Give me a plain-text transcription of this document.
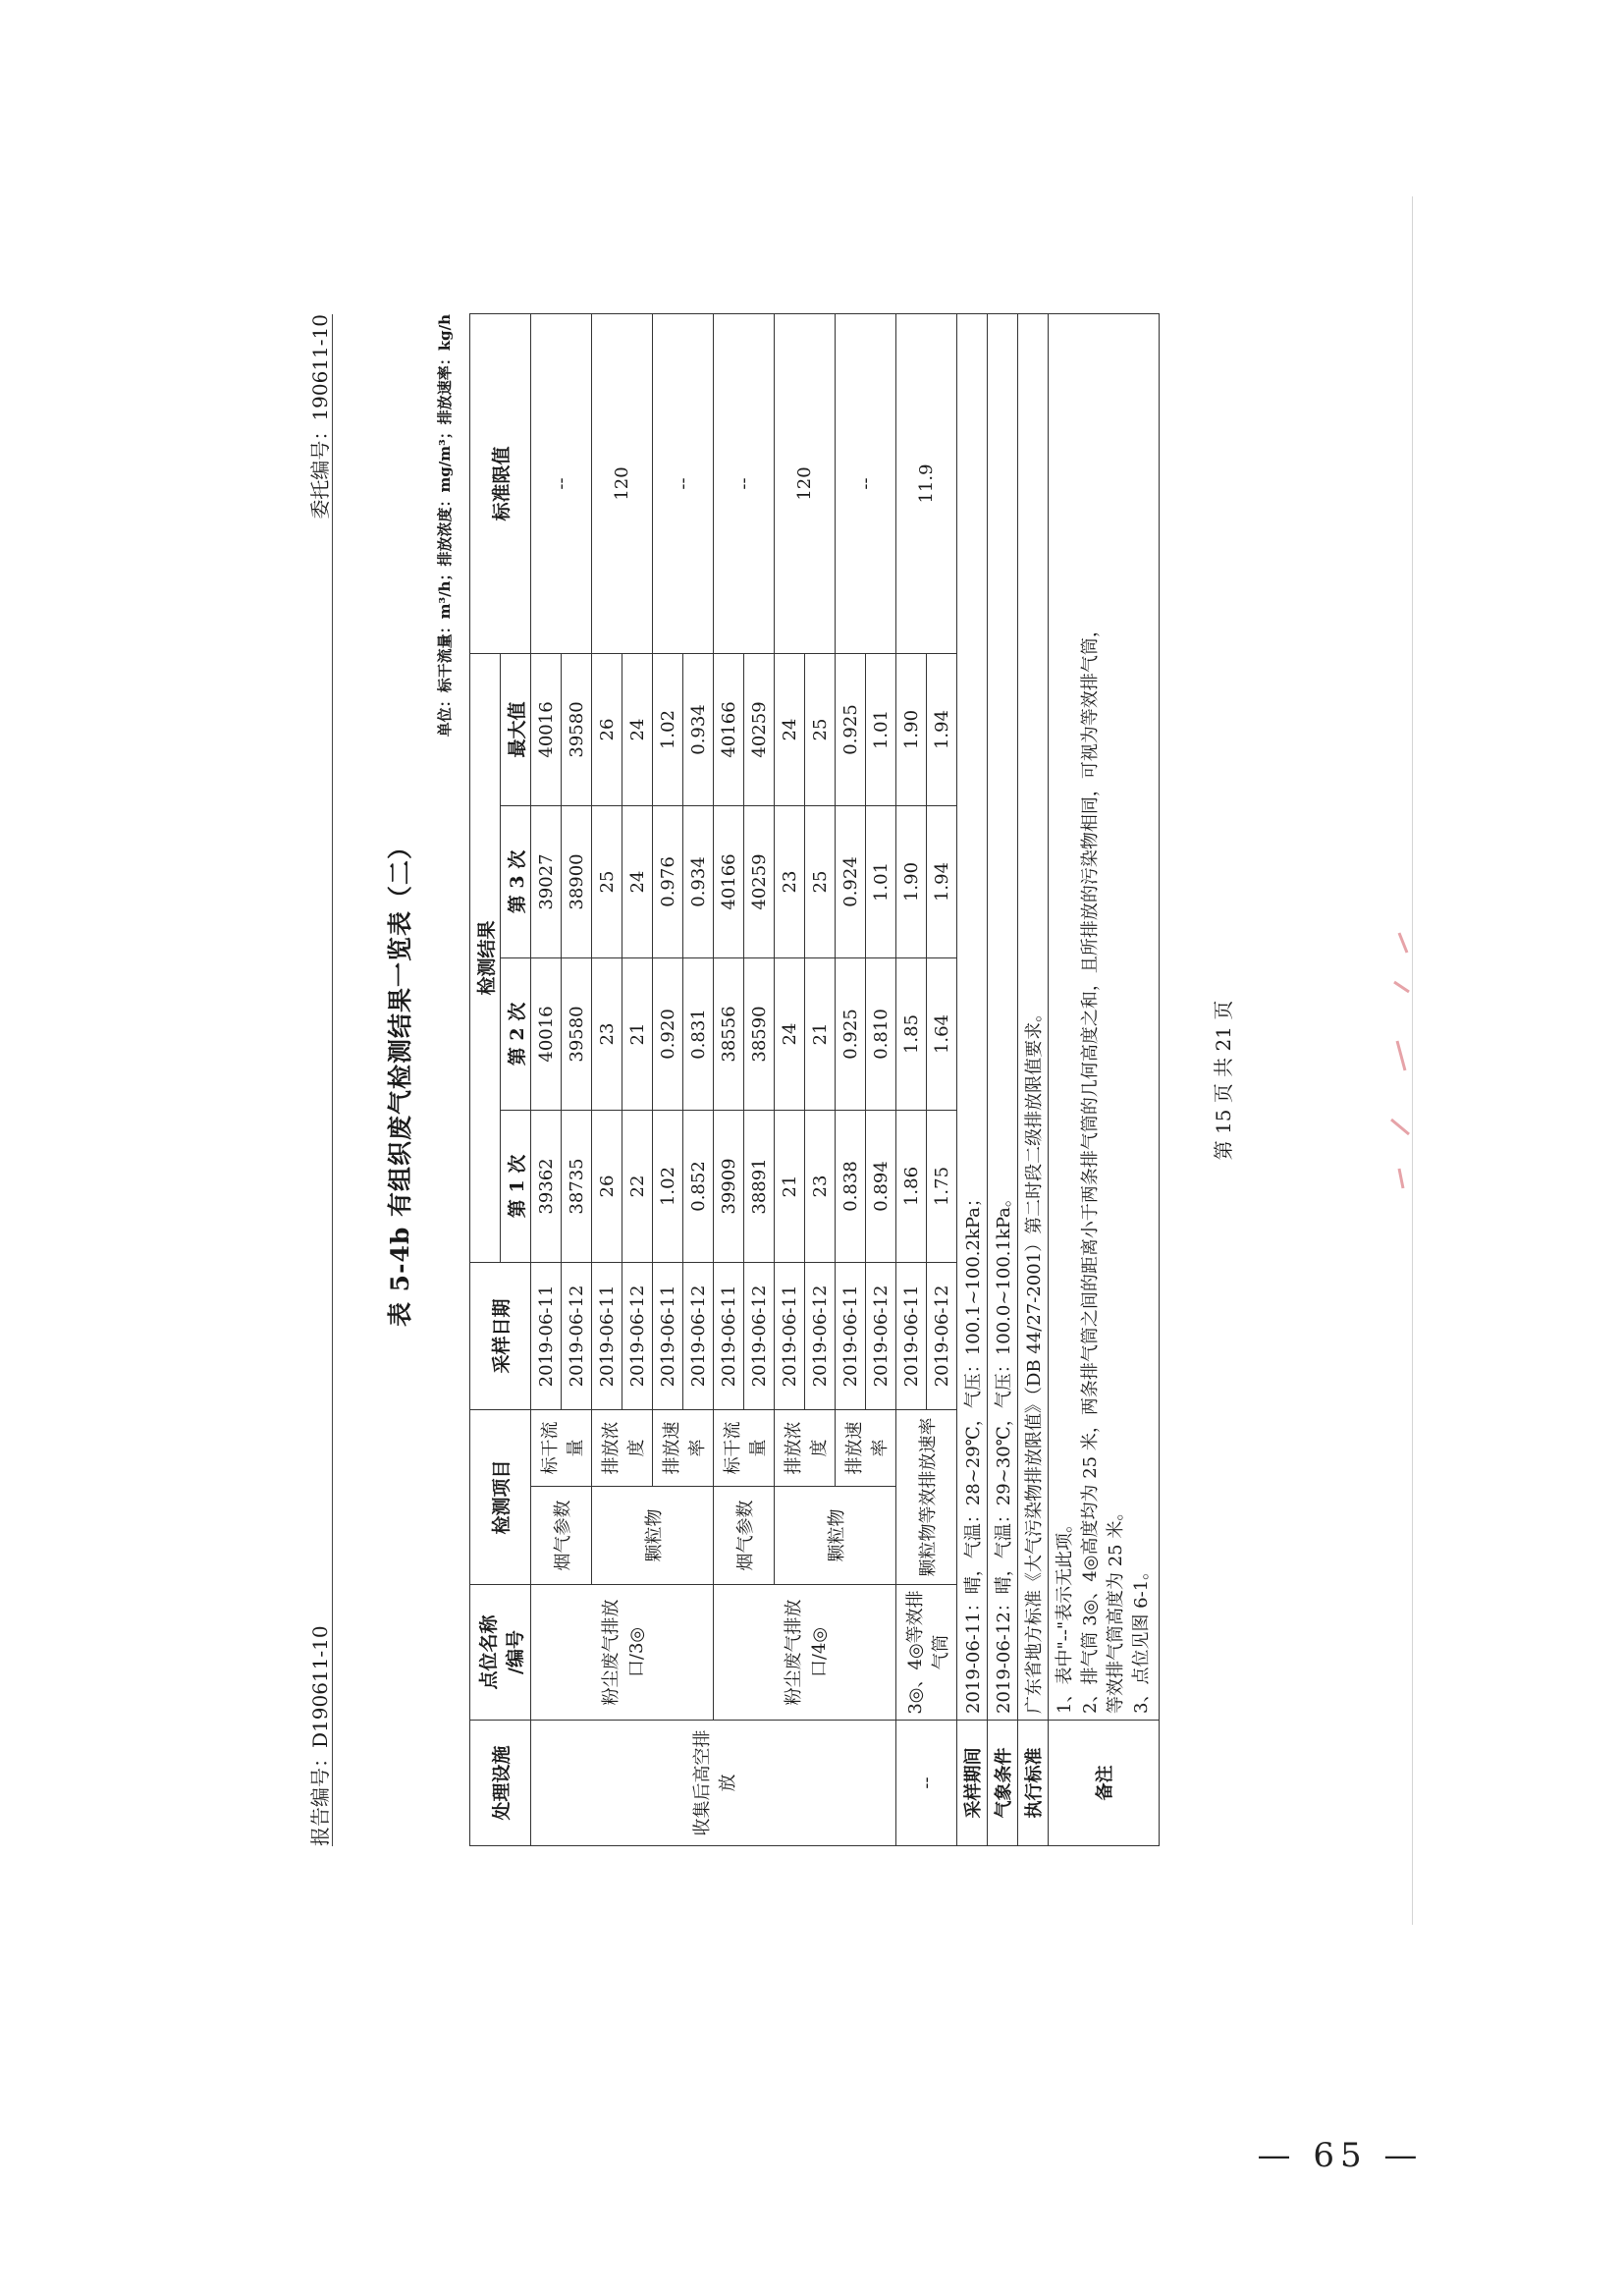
— 65 —
报告编号：D190611-10
委托编号：190611-10
表 5-4b 有组织废气检测结果一览表（二）
单位：标干流量：m³/h；排放浓度：mg/m³；排放速率：kg/h
处理设施	点位名称 /编号	检测项目		采样日期	检测结果				标准限值
					第 1 次	第 2 次	第 3 次	最大值	
收集后高空排放	粉尘废气排放口/3◎	烟气参数	标干流量	2019-06-11	39362	40016	39027	40016	--
				2019-06-12	38735	39580	38900	39580	
		颗粒物	排放浓度	2019-06-11	26	23	25	26	120
				2019-06-12	22	21	24	24	
			排放速率	2019-06-11	1.02	0.920	0.976	1.02	--
				2019-06-12	0.852	0.831	0.934	0.934	
	粉尘废气排放口/4◎	烟气参数	标干流量	2019-06-11	39909	38556	40166	40166	--
				2019-06-12	38891	38590	40259	40259	
		颗粒物	排放浓度	2019-06-11	21	24	23	24	120
				2019-06-12	23	21	25	25	
			排放速率	2019-06-11	0.838	0.925	0.924	0.925	--
				2019-06-12	0.894	0.810	1.01	1.01	
--	3◎、4◎等效排气筒	颗粒物等效排放速率		2019-06-11	1.86	1.85	1.90	1.90	11.9
				2019-06-12	1.75	1.64	1.94	1.94	
采样期间	2019-06-11：晴，气温：28~29℃，气压：100.1~100.2kPa；								
气象条件	2019-06-12：晴，气温：29~30℃，气压：100.0~100.1kPa。								
执行标准	广东省地方标准《大气污染物排放限值》（DB 44/27-2001）第二时段二级排放限值要求。								
备注	1、表中"--"表示无此项。 2、排气筒 3◎、4◎高度均为 25 米，两条排气筒之间的距离小于两条排气筒的几何高度之和，且所排放的污染物相同，可视为等效排气筒， 等效排气筒高度为 25 米。 3、点位见图 6-1。								
第 15 页 共 21 页
